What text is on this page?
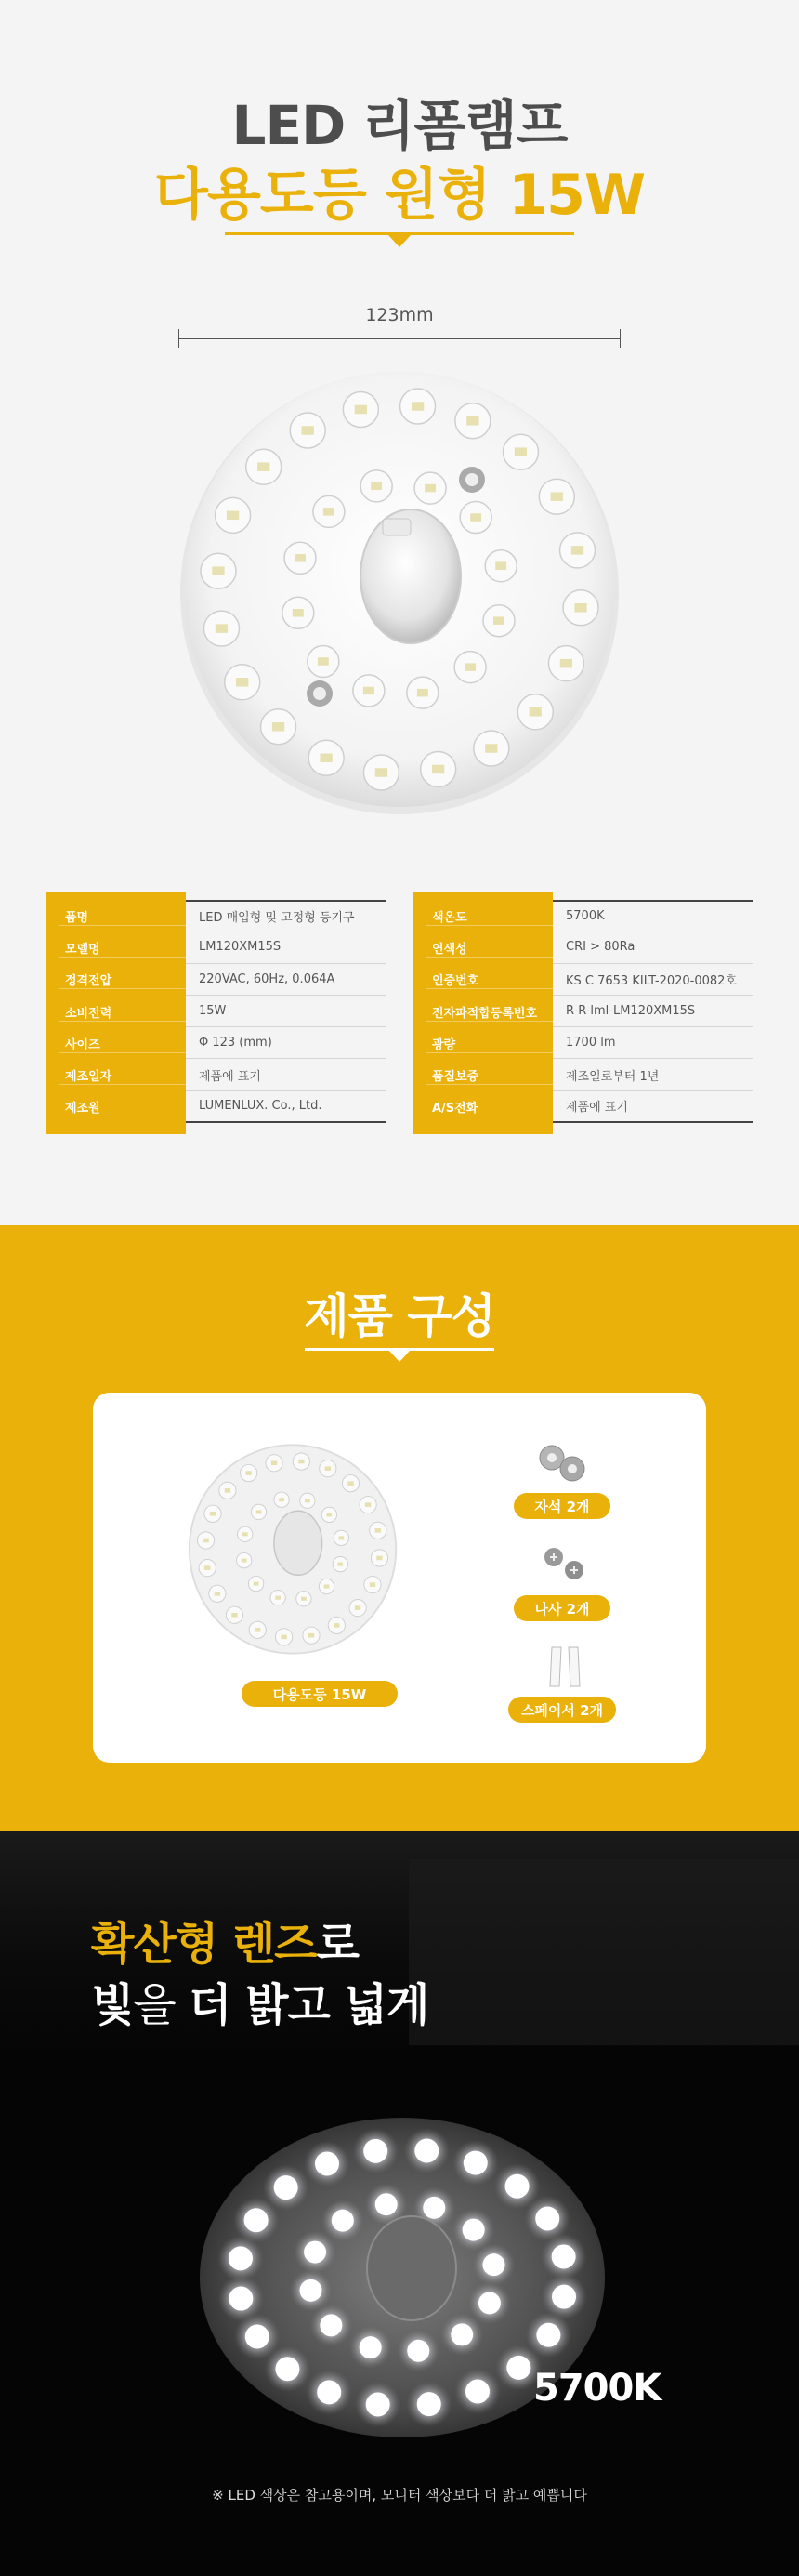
LED 리폼램프
다용도등 원형 15W
123mm
품명	LED 매입형 및 고정형 등기구
모델명	LM120XM15S
정격전압	220VAC, 60Hz, 0.064A
소비전력	15W
사이즈	Φ 123 (mm)
제조일자	제품에 표기
제조원	LUMENLUX. Co., Ltd.
색온도	5700K
연색성	CRI > 80Ra
인증번호	KS C 7653 KILT-2020-0082호
전자파적합등록번호	R-R-lml-LM120XM15S
광량	1700 lm
품질보증	제조일로부터 1년
A/S전화	제품에 표기
제품 구성
다용도등 15W
자석 2개
나사 2개
스페이서 2개
확산형 렌즈로
빛을 더 밝고 넓게
5700K
※ LED 색상은 참고용이며, 모니터 색상보다 더 밝고 예쁩니다
